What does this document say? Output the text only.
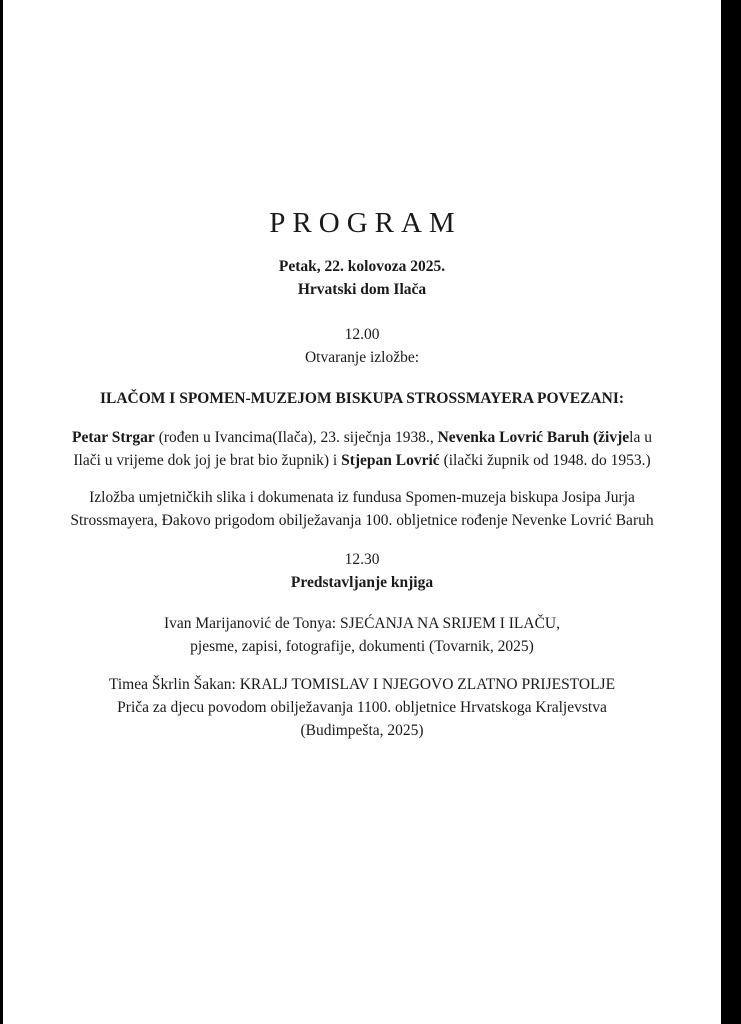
PROGRAM

Petak, 22. kolovoza 2025.

Hrvatski dom Ilača

12.00

Otvaranje izložbe:

ILAČOM I SPOMEN-MUZEJOM BISKUPA STROSSMAYERA POVEZANI:

Petar Strgar (rođen u Ivancima(Ilača), 23. siječnja 1938., Nevenka Lovrić Baruh (živjela u

Ilači u vrijeme dok joj je brat bio župnik) i Stjepan Lovrić (ilački župnik od 1948. do 1953.)

Izložba umjetničkih slika i dokumenata iz fundusa Spomen-muzeja biskupa Josipa Jurja

Strossmayera, Đakovo prigodom obilježavanja 100. obljetnice rođenje Nevenke Lovrić Baruh

12.30

Predstavljanje knjiga

Ivan Marijanović de Tonya: SJEĆANJA NA SRIJEM I ILAČU,

pjesme, zapisi, fotografije, dokumenti (Tovarnik, 2025)

Timea Škrlin Šakan: KRALJ TOMISLAV I NJEGOVO ZLATNO PRIJESTOLJE

Priča za djecu povodom obilježavanja 1100. obljetnice Hrvatskoga Kraljevstva

(Budimpešta, 2025)
